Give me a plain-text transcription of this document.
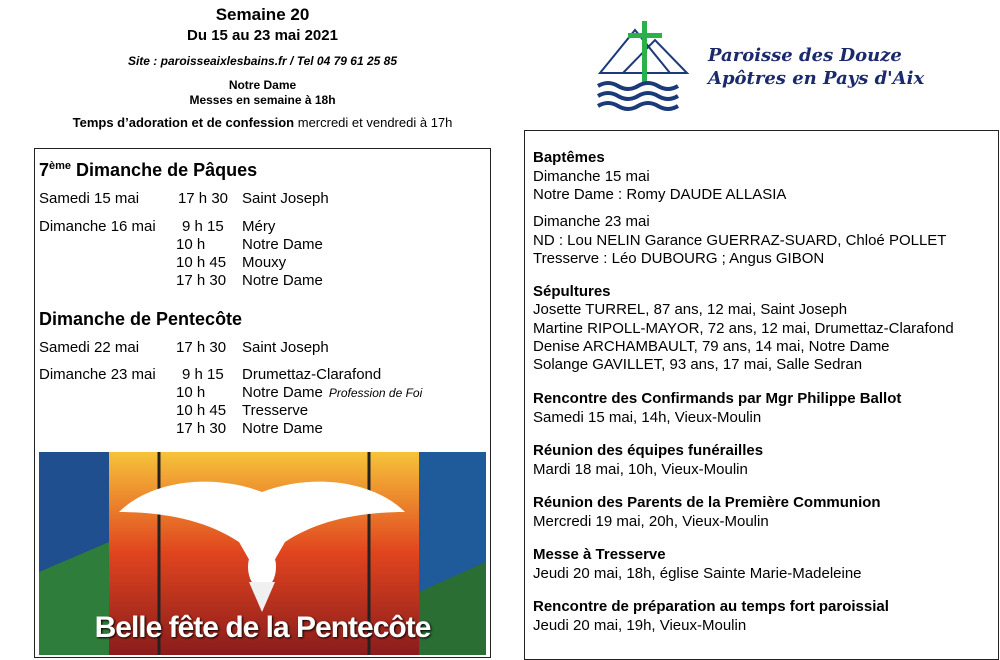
Semaine 20
Du 15 au 23 mai 2021
Site : paroisseaixlesbains.fr / Tel 04 79 61 25 85
Notre Dame
Messes en semaine à 18h
Temps d’adoration et de confession mercredi et vendredi à 17h
Paroisse des Douze
Apôtres en Pays d'Aix
7ème Dimanche de Pâques
Samedi 15 mai	17 h 30 Saint Joseph
Dimanche 16 mai 9 h 15 Méry
10 h Notre Dame
10 h 45 Mouxy
17 h 30 Notre Dame
Dimanche de Pentecôte
Samedi 22 mai 17 h 30 Saint Joseph
Dimanche 23 mai 9 h 15 Drumettaz-Clarafond
10 h Notre Dame Profession de Foi
10 h 45 Tresserve
17 h 30 Notre Dame
Belle fête de la Pentecôte
Baptêmes
Dimanche 15 mai
Notre Dame : Romy DAUDE ALLASIA
Dimanche 23 mai
ND : Lou NELIN Garance GUERRAZ-SUARD, Chloé POLLET
Tresserve : Léo DUBOURG ; Angus GIBON
Sépultures
Josette TURREL, 87 ans, 12 mai, Saint Joseph
Martine RIPOLL-MAYOR, 72 ans, 12 mai, Drumettaz-Clarafond
Denise ARCHAMBAULT, 79 ans, 14 mai, Notre Dame
Solange GAVILLET, 93 ans, 17 mai, Salle Sedran
Rencontre des Confirmands par Mgr Philippe Ballot
Samedi 15 mai, 14h, Vieux-Moulin
Réunion des équipes funérailles
Mardi 18 mai, 10h, Vieux-Moulin
Réunion des Parents de la Première Communion
Mercredi 19 mai, 20h, Vieux-Moulin
Messe à Tresserve
Jeudi 20 mai, 18h, église Sainte Marie-Madeleine
Rencontre de préparation au temps fort paroissial
Jeudi 20 mai, 19h, Vieux-Moulin
